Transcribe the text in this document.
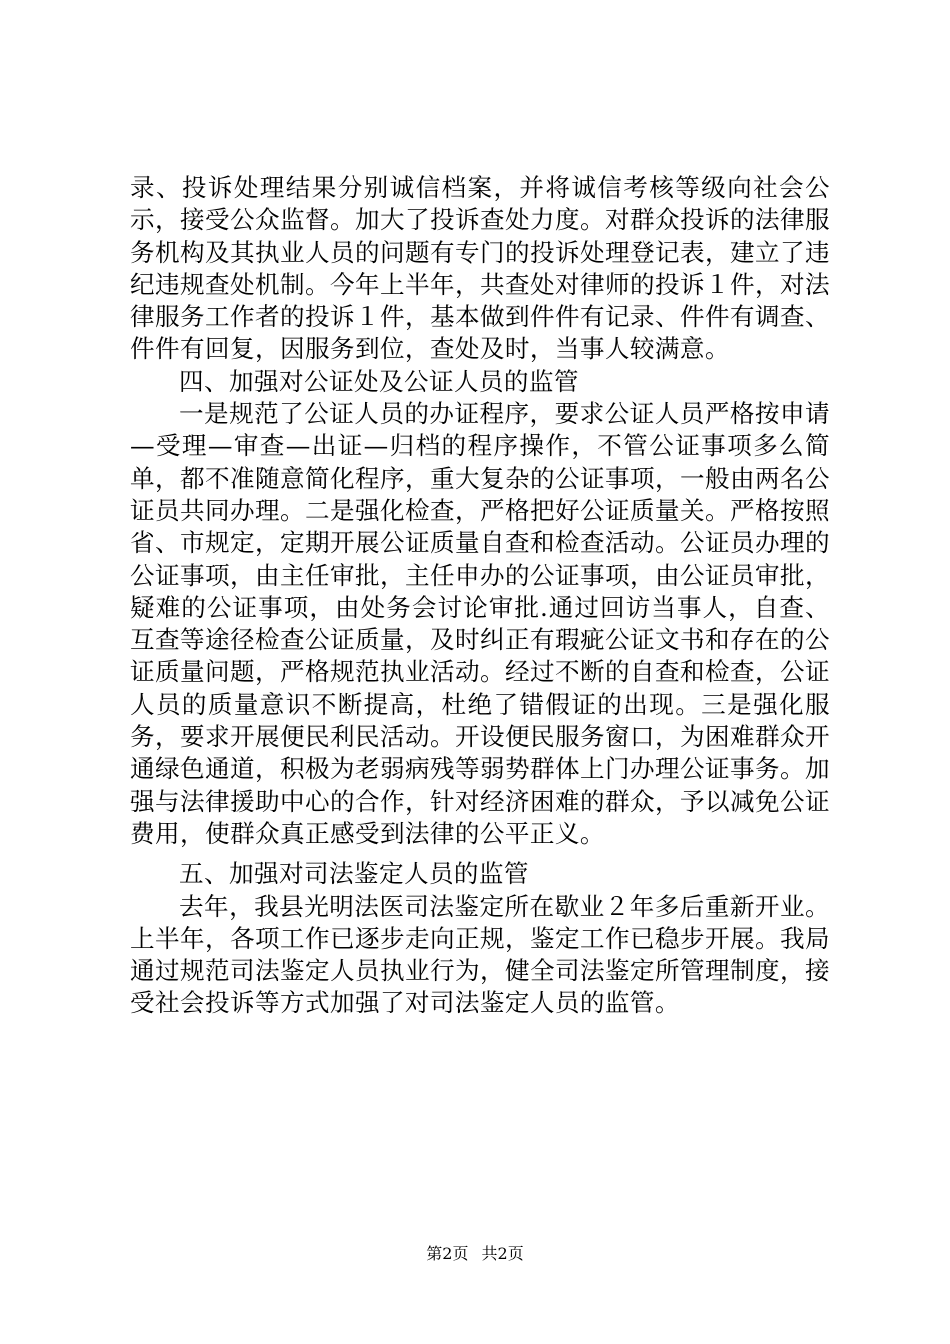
录、投诉处理结果分别诚信档案，并将诚信考核等级向社会公示，接受公众监督。加大了投诉查处力度。对群众投诉的法律服务机构及其执业人员的问题有专门的投诉处理登记表，建立了违纪违规查处机制。今年上半年，共查处对律师的投诉１件，对法律服务工作者的投诉１件，基本做到件件有记录、件件有调查、件件有回复，因服务到位，查处及时，当事人较满意。

四、加强对公证处及公证人员的监管

一是规范了公证人员的办证程序，要求公证人员严格按申请—受理—审查—出证—归档的程序操作，不管公证事项多么简单，都不准随意简化程序，重大复杂的公证事项，一般由两名公证员共同办理。二是强化检查，严格把好公证质量关。严格按照省、市规定，定期开展公证质量自查和检查活动。公证员办理的公证事项，由主任审批，主任申办的公证事项，由公证员审批，疑难的公证事项，由处务会讨论审批.通过回访当事人，自查、互查等途径检查公证质量，及时纠正有瑕疵公证文书和存在的公证质量问题，严格规范执业活动。经过不断的自查和检查，公证人员的质量意识不断提高，杜绝了错假证的出现。三是强化服务，要求开展便民利民活动。开设便民服务窗口，为困难群众开通绿色通道，积极为老弱病残等弱势群体上门办理公证事务。加强与法律援助中心的合作，针对经济困难的群众，予以减免公证费用，使群众真正感受到法律的公平正义。

五、加强对司法鉴定人员的监管

去年，我县光明法医司法鉴定所在歇业２年多后重新开业。上半年，各项工作已逐步走向正规，鉴定工作已稳步开展。我局通过规范司法鉴定人员执业行为，健全司法鉴定所管理制度，接受社会投诉等方式加强了对司法鉴定人员的监管。

第2页 共2页
